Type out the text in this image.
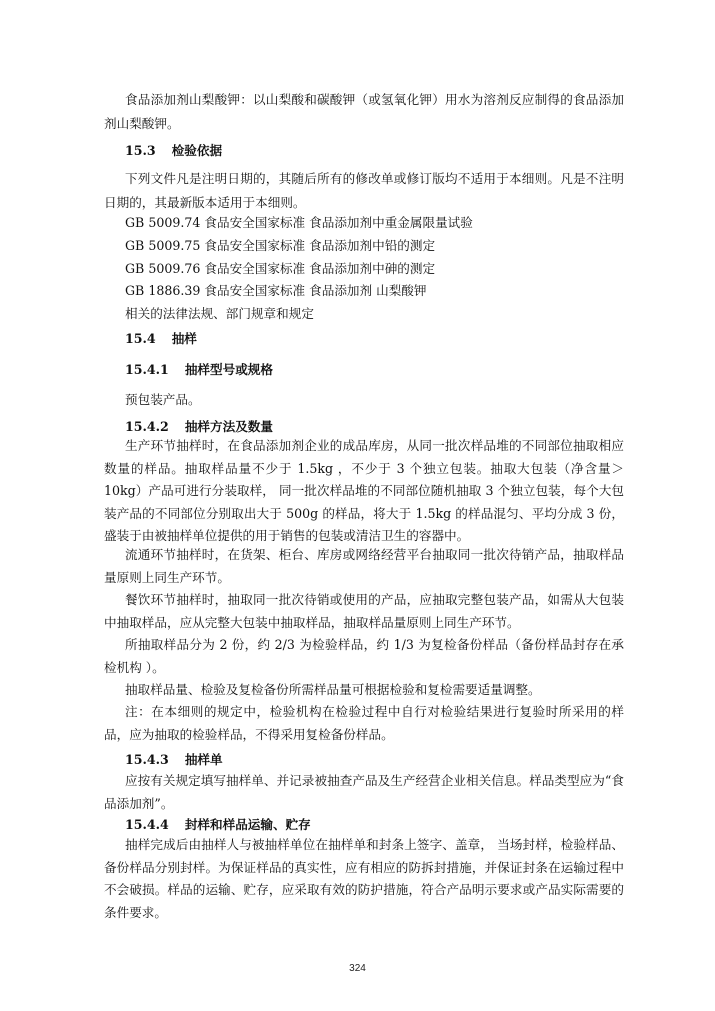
食品添加剂山梨酸钾：以山梨酸和碳酸钾（或氢氧化钾）用水为溶剂反应制得的食品添加剂山梨酸钾。

15.3 检验依据

下列文件凡是注明日期的，其随后所有的修改单或修订版均不适用于本细则。凡是不注明日期的，其最新版本适用于本细则。

GB 5009.74 食品安全国家标准 食品添加剂中重金属限量试验
GB 5009.75 食品安全国家标准 食品添加剂中铅的测定
GB 5009.76 食品安全国家标准 食品添加剂中砷的测定
GB 1886.39 食品安全国家标准 食品添加剂 山梨酸钾
相关的法律法规、部门规章和规定
15.4 抽样
15.4.1 抽样型号或规格

预包装产品。

15.4.2 抽样方法及数量

生产环节抽样时，在食品添加剂企业的成品库房，从同一批次样品堆的不同部位抽取相应数量的样品。抽取样品量不少于 1.5kg ，不少于 3 个独立包装。抽取大包装（净含量＞10kg）产品可进行分装取样， 同一批次样品堆的不同部位随机抽取 3 个独立包装，每个大包装产品的不同部位分别取出大于 500g 的样品，将大于 1.5kg 的样品混匀、平均分成 3 份，盛装于由被抽样单位提供的用于销售的包装或清洁卫生的容器中。

流通环节抽样时，在货架、柜台、库房或网络经营平台抽取同一批次待销产品，抽取样品量原则上同生产环节。

餐饮环节抽样时，抽取同一批次待销或使用的产品，应抽取完整包装产品，如需从大包装中抽取样品，应从完整大包装中抽取样品，抽取样品量原则上同生产环节。

所抽取样品分为 2 份，约 2/3 为检验样品，约 1/3 为复检备份样品（备份样品封存在承检机构 ）。

抽取样品量、检验及复检备份所需样品量可根据检验和复检需要适量调整。

注：在本细则的规定中，检验机构在检验过程中自行对检验结果进行复验时所采用的样品，应为抽取的检验样品，不得采用复检备份样品。

15.4.3 抽样单

应按有关规定填写抽样单、并记录被抽查产品及生产经营企业相关信息。样品类型应为“食品添加剂”。

15.4.4 封样和样品运输、贮存

抽样完成后由抽样人与被抽样单位在抽样单和封条上签字、盖章， 当场封样，检验样品、备份样品分别封样。为保证样品的真实性，应有相应的防拆封措施，并保证封条在运输过程中不会破损。样品的运输、贮存，应采取有效的防护措施，符合产品明示要求或产品实际需要的条件要求。

324
